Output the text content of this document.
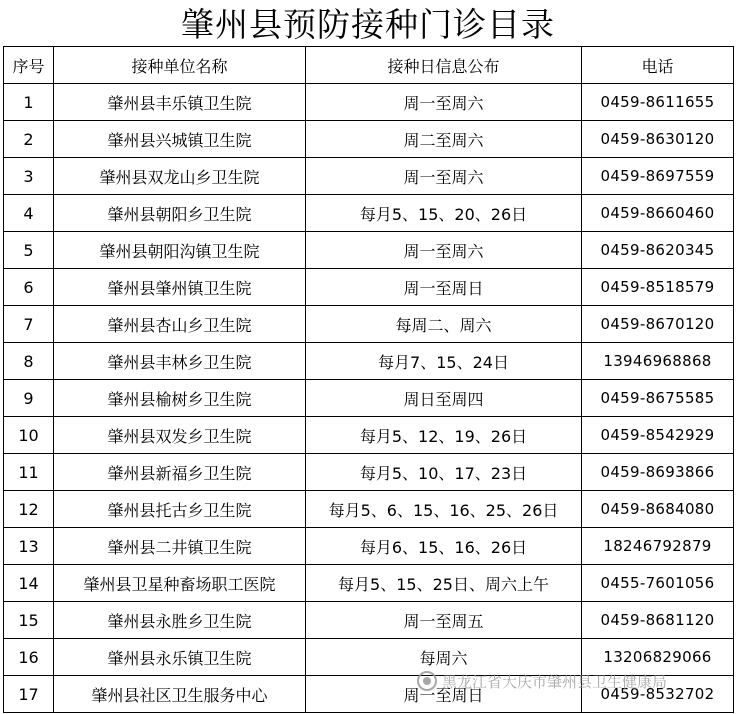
肇州县预防接种门诊目录
序号	接种单位名称	接种日信息公布	电话
1	肇州县丰乐镇卫生院	周一至周六	0459-8611655
2	肇州县兴城镇卫生院	周二至周六	0459-8630120
3	肇州县双龙山乡卫生院	周一至周六	0459-8697559
4	肇州县朝阳乡卫生院	每月5、15、20、26日	0459-8660460
5	肇州县朝阳沟镇卫生院	周一至周六	0459-8620345
6	肇州县肇州镇卫生院	周一至周日	0459-8518579
7	肇州县杏山乡卫生院	每周二、周六	0459-8670120
8	肇州县丰林乡卫生院	每月7、15、24日	13946968868
9	肇州县榆树乡卫生院	周日至周四	0459-8675585
10	肇州县双发乡卫生院	每月5、12、19、26日	0459-8542929
11	肇州县新福乡卫生院	每月5、10、17、23日	0459-8693866
12	肇州县托古乡卫生院	每月5、6、15、16、25、26日	0459-8684080
13	肇州县二井镇卫生院	每月6、15、16、26日	18246792879
14	肇州县卫星种畜场职工医院	每月5、15、25日、周六上午	0455-7601056
15	肇州县永胜乡卫生院	周一至周五	0459-8681120
16	肇州县永乐镇卫生院	每周六	13206829066
17	肇州县社区卫生服务中心	周一至周日	0459-8532702
黑龙江省大庆市肇州县卫生健康局
